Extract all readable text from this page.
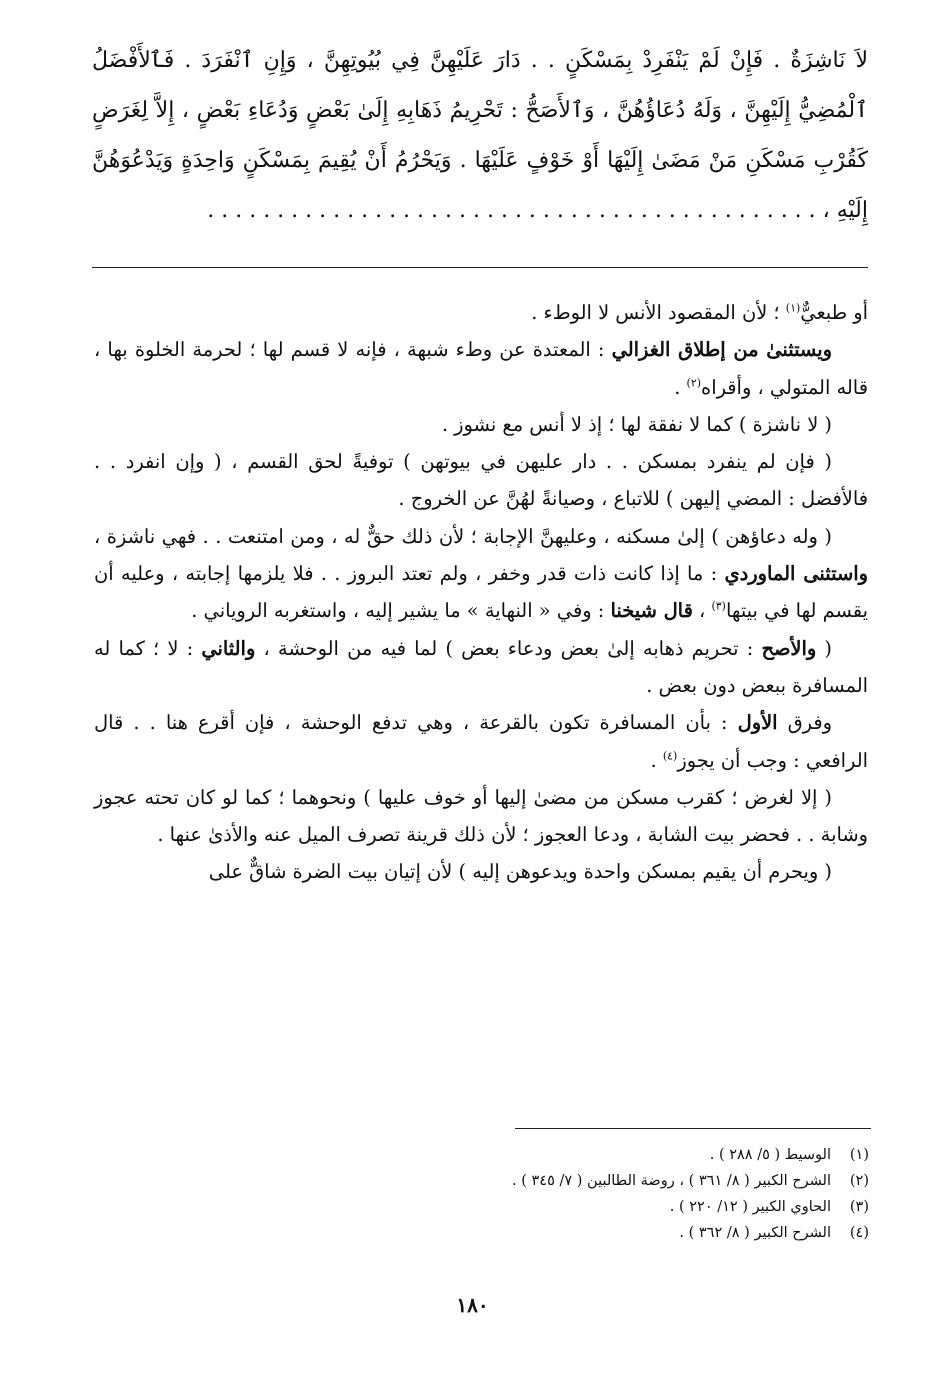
لاَ نَاشِزَةٌ . فَإِنْ لَمْ يَنْفَرِدْ بِمَسْكَنٍ . . دَارَ عَلَيْهِنَّ فِي بُيُوتِهِنَّ ، وَإِنِ ٱنْفَرَدَ . فَٱلأَفْضَلُ ٱلْمُضِيُّ إِلَيْهِنَّ ، وَلَهُ دُعَاؤُهُنَّ ، وَٱلأَصَحُّ : تَحْرِيمُ ذَهَابِهِ إِلَىٰ بَعْضٍ وَدُعَاءِ بَعْضٍ ، إِلاَّ لِغَرَضٍ كَقُرْبِ مَسْكَنِ مَنْ مَضَىٰ إِلَيْهَا أَوْ خَوْفٍ عَلَيْهَا . وَيَحْرُمُ أَنْ يُقِيمَ بِمَسْكَنٍ وَاحِدَةٍ وَيَدْعُوَهُنَّ إِلَيْهِ ، . . . . . . . . . . . . . . . . . . . . . . . . . . . . . . . . . . . . . . . . . . . .

أو طبعيٌّ$^{(١)}$ ؛ لأن المقصود الأنس لا الوطء .

ويستثنىٰ من إطلاق الغزالي : المعتدة عن وطء شبهة ، فإنه لا قسم لها ؛ لحرمة الخلوة بها ، قاله المتولي ، وأقراه$^{(٢)}$ .

( لا ناشزة ) كما لا نفقة لها ؛ إذ لا أنس مع نشوز .

( فإن لم ينفرد بمسكن . . دار عليهن في بيوتهن ) توفيةً لحق القسم ، ( وإن انفرد . . فالأفضل : المضي إليهن ) للاتباع ، وصيانةً لهُنَّ عن الخروج .

( وله دعاؤهن ) إلىٰ مسكنه ، وعليهنَّ الإجابة ؛ لأن ذلك حقٌّ له ، ومن امتنعت . . فهي ناشزة ، واستثنى الماوردي : ما إذا كانت ذات قدر وخفر ، ولم تعتد البروز . . فلا يلزمها إجابته ، وعليه أن يقسم لها في بيتها$^{(٣)}$ ، قال شيخنا : وفي « النهاية » ما يشير إليه ، واستغربه الروياني .

( والأصح : تحريم ذهابه إلىٰ بعض ودعاء بعض ) لما فيه من الوحشة ، والثاني : لا ؛ كما له المسافرة ببعض دون بعض .

وفرق الأول : بأن المسافرة تكون بالقرعة ، وهي تدفع الوحشة ، فإن أقرع هنا . . قال الرافعي : وجب أن يجوز$^{(٤)}$ .

( إلا لغرض ؛ كقرب مسكن من مضىٰ إليها أو خوف عليها ) ونحوهما ؛ كما لو كان تحته عجوز وشابة . . فحضر بيت الشابة ، ودعا العجوز ؛ لأن ذلك قرينة تصرف الميل عنه والأذىٰ عنها .

( ويحرم أن يقيم بمسكن واحدة ويدعوهن إليه ) لأن إتيان بيت الضرة شاقٌّ على

(١)
الوسيط ( ٥/ ٢٨٨ ) .
(٢)
الشرح الكبير ( ٨/ ٣٦١ ) ، روضة الطالبين ( ٧/ ٣٤٥ ) .
(٣)
الحاوي الكبير ( ١٢/ ٢٢٠ ) .
(٤)
الشرح الكبير ( ٨/ ٣٦٢ ) .
١٨٠
